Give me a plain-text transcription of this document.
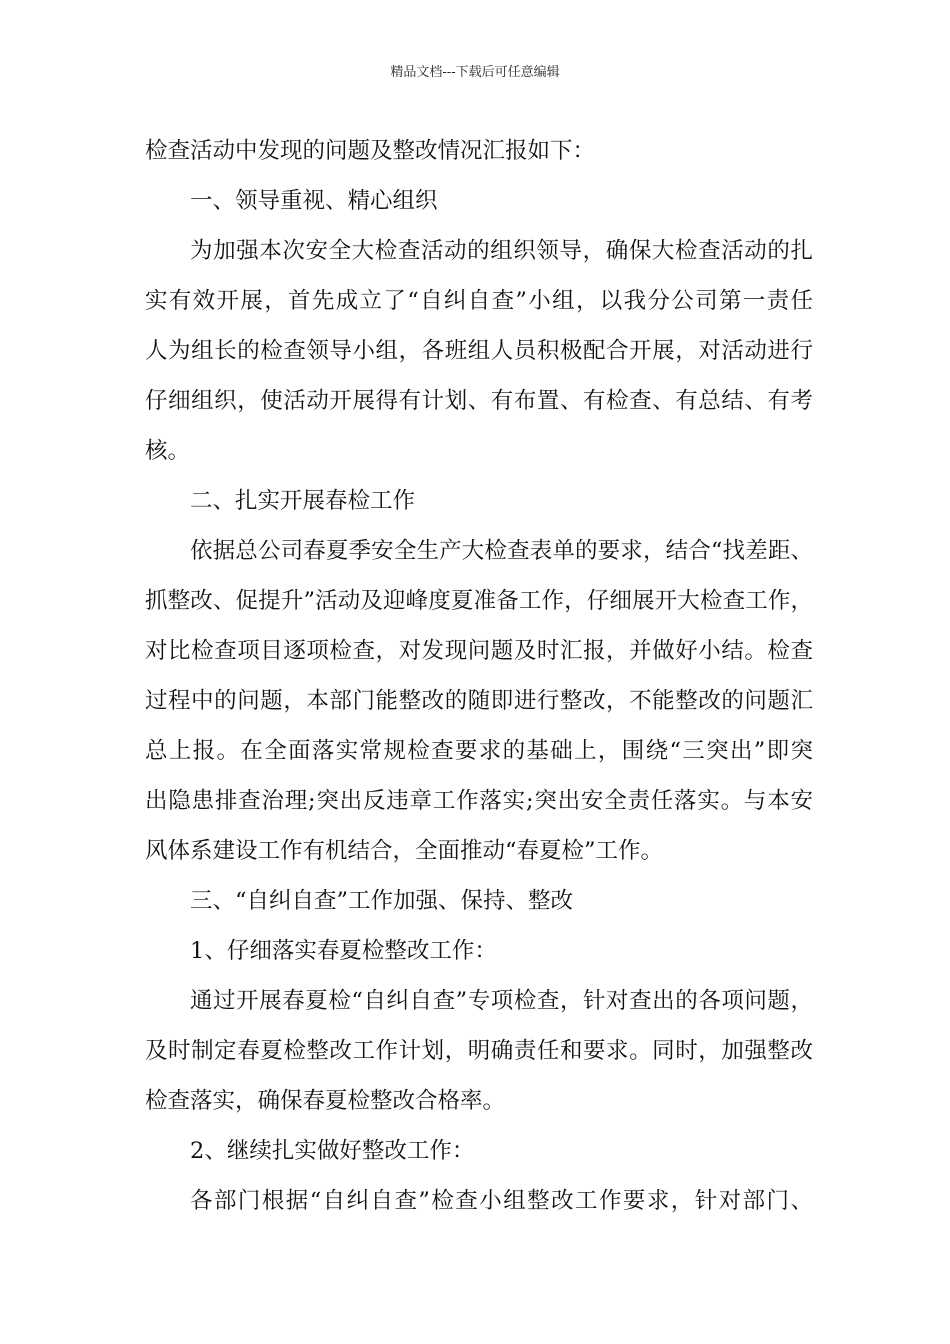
精品文档---下载后可任意编辑
检查活动中发现的问题及整改情况汇报如下：
一、领导重视、精心组织
为加强本次安全大检查活动的组织领导，确保大检查活动的扎
实有效开展，首先成立了“自纠自查”小组，以我分公司第一责任
人为组长的检查领导小组，各班组人员积极配合开展，对活动进行
仔细组织，使活动开展得有计划、有布置、有检查、有总结、有考
核。
二、扎实开展春检工作
依据总公司春夏季安全生产大检查表单的要求，结合“找差距、
抓整改、促提升”活动及迎峰度夏准备工作，仔细展开大检查工作，
对比检查项目逐项检查，对发现问题及时汇报，并做好小结。检查
过程中的问题，本部门能整改的随即进行整改，不能整改的问题汇
总上报。在全面落实常规检查要求的基础上，围绕“三突出”即突
出隐患排查治理;突出反违章工作落实;突出安全责任落实。与本安
风体系建设工作有机结合，全面推动“春夏检”工作。
三、“自纠自查”工作加强、保持、整改
1、仔细落实春夏检整改工作：
通过开展春夏检“自纠自查”专项检查，针对查出的各项问题，
及时制定春夏检整改工作计划，明确责任和要求。同时，加强整改
检查落实，确保春夏检整改合格率。
2、继续扎实做好整改工作：
各部门根据“自纠自查”检查小组整改工作要求，针对部门、
